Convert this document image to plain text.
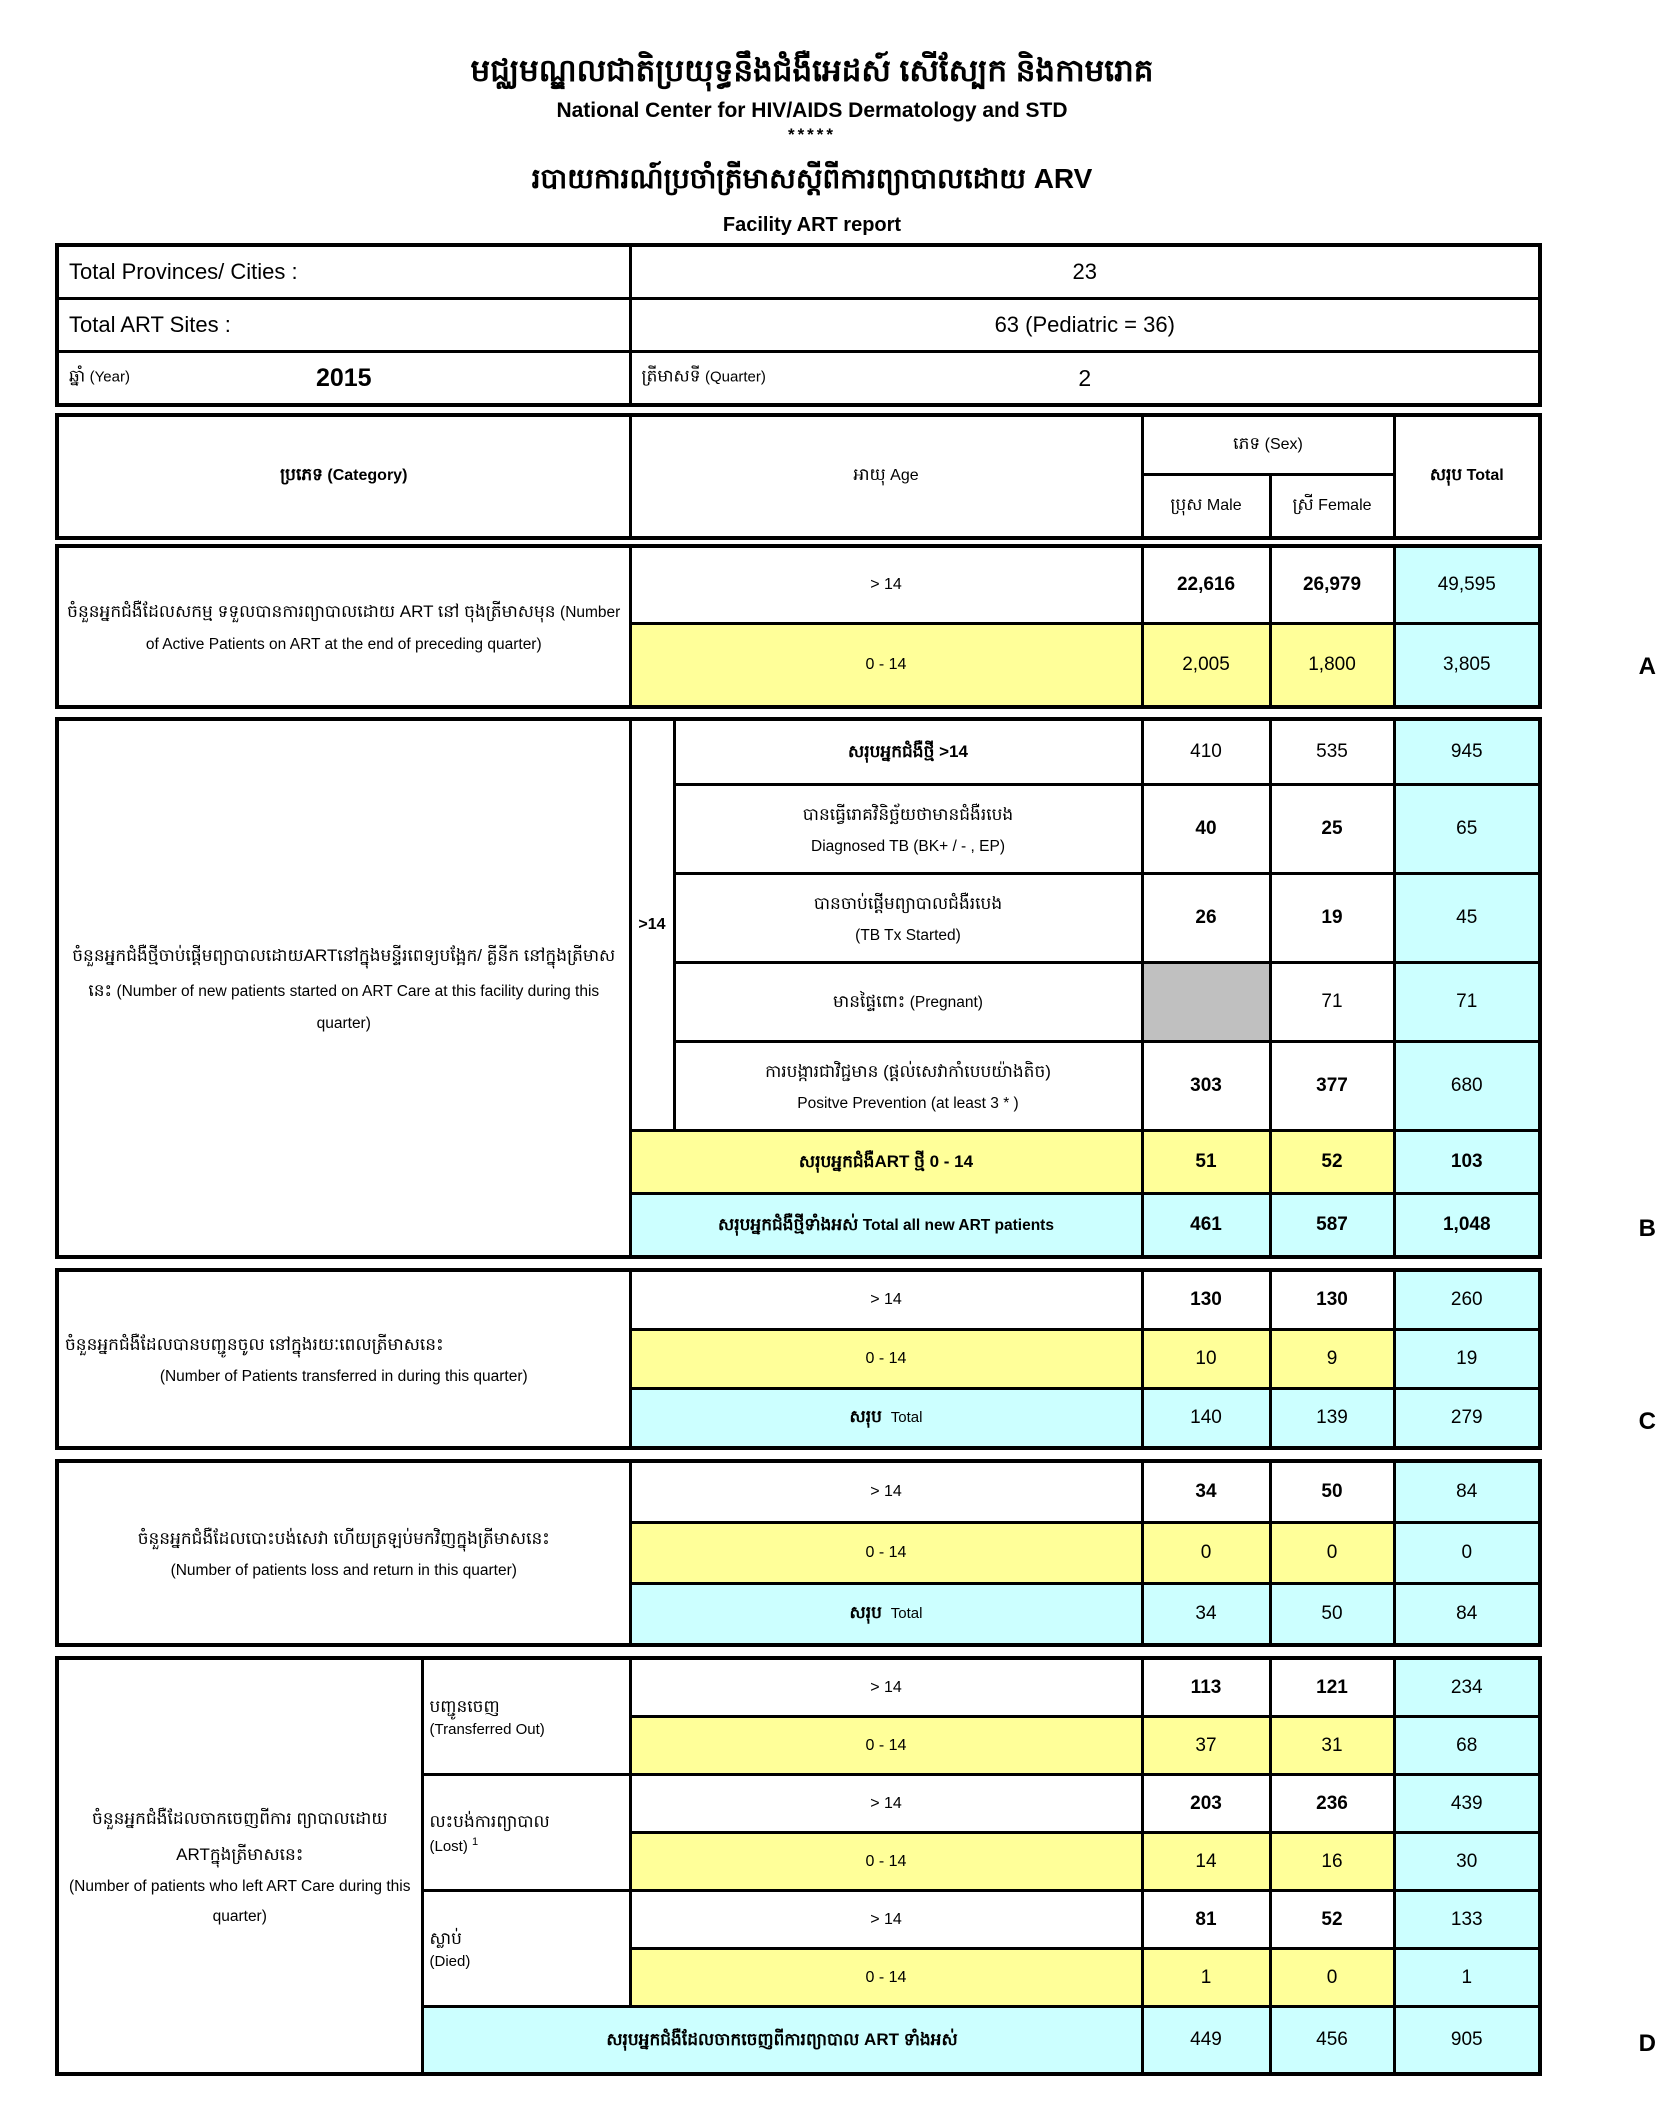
មជ្ឈមណ្ឌលជាតិប្រយុទ្ធនឹងជំងឺអេដស៍ សើស្បែក និងកាមរោគ
National Center for HIV/AIDS Dermatology and STD
*****
របាយការណ៍ប្រចាំត្រីមាសស្តីពីការព្យាបាលដោយ ARV
Facility ART report
Total Provinces/ Cities :	23
Total ART Sites :	63 (Pediatric = 36)

ឆ្នាំ (Year) 2015	ត្រីមាសទី (Quarter) 2
ប្រភេទ (Category)	អាយុ Age	ភេទ (Sex)		សរុប Total
		ប្រុស Male	ស្រី Female	
ចំនួនអ្នកជំងឺដែលសកម្ម ទទួលបានការព្យាបាលដោយ ART នៅ ចុងត្រីមាសមុន (Number of Active Patients on ART at the end of preceding quarter)	> 14	22,616	26,979	49,595
	0 - 14	2,005	1,800	3,805	A
ចំនួនអ្នកជំងឺថ្មីចាប់ផ្តើមព្យាបាលដោយARTនៅក្នុងមន្ទីរពេទ្យបង្អែក/ គ្លីនីក នៅក្នុងត្រីមាសនេះ (Number of new patients started on ART Care at this facility during this quarter)	>14	សរុបអ្នកជំងឺថ្មី >14	410	535	945

		បានធ្វើរោគវិនិច្ឆ័យថាមានជំងឺរបេង
Diagnosed TB (BK+ / - , EP)	40	25	65

		បានចាប់ផ្តើមព្យាបាលជំងឺរបេង
(TB Tx Started)	26	19	45
		មានផ្ទៃពោះ (Pregnant)		71	71

		ការបង្ការជាវិជ្ជមាន (ផ្តល់សេវាកាំបេបយ៉ាងតិច)
Positve Prevention (at least 3 * )	303	377	680
	សរុបអ្នកជំងឺART ថ្មី 0 - 14		51	52	103
	សរុបអ្នកជំងឺថ្មីទាំងអស់ Total all new ART patients		461	587	1,048	B
ចំនួនអ្នកជំងឺដែលបានបញ្ជូនចូល នៅក្នុងរយៈពេលត្រីមាសនេះ
(Number of Patients transferred in during this quarter)	> 14	130	130	260
	0 - 14	10	9	19
	សរុប Total	140	139	279	C
ចំនួនអ្នកជំងឺដែលបោះបង់សេវា ហើយត្រឡប់មកវិញក្នុងត្រីមាសនេះ
(Number of patients loss and return in this quarter)	> 14	34	50	84
	0 - 14	0	0	0
	សរុប Total	34	50	84
ចំនួនអ្នកជំងឺដែលចាកចេញពីការ ព្យាបាលដោយ ARTក្នុងត្រីមាសនេះ
(Number of patients who left ART Care during this quarter)

បញ្ជូនចេញ
(Transferred Out)
	> 14	113	121	234
		0 - 14	37	31	68

	លះបង់ការព្យាបាល
(Lost) $^1$	> 14	203	236	439
		0 - 14	14	16	30

	ស្លាប់
(Died)	> 14	81	52	133
		0 - 14	1	0	1
	សរុបអ្នកជំងឺដែលចាកចេញពីការព្យាបាល ART ទាំងអស់		449	456	905	D
